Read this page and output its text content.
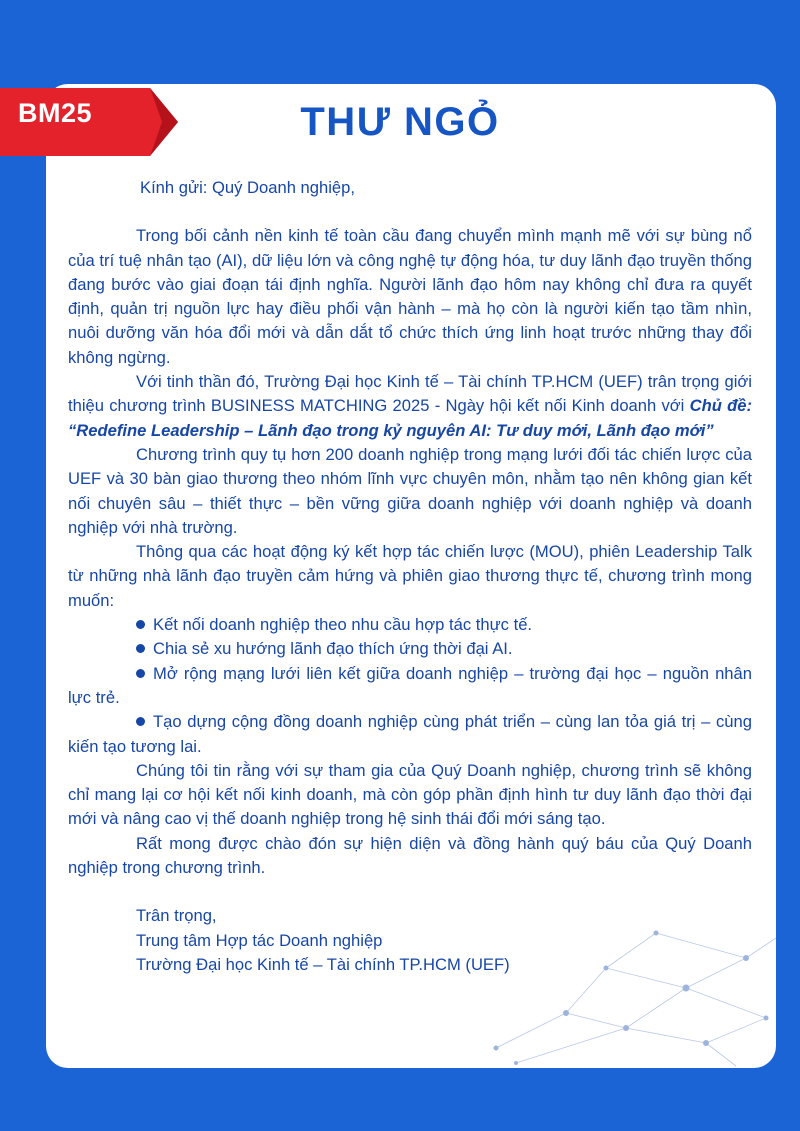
BM25	THƯ NGỎ

Kính gửi: Quý Doanh nghiệp,

Trong bối cảnh nền kinh tế toàn cầu đang chuyển mình mạnh mẽ với sự bùng nổ của trí tuệ nhân tạo (AI), dữ liệu lớn và công nghệ tự động hóa, tư duy lãnh đạo truyền thống đang bước vào giai đoạn tái định nghĩa. Người lãnh đạo hôm nay không chỉ đưa ra quyết định, quản trị nguồn lực hay điều phối vận hành – mà họ còn là người kiến tạo tầm nhìn, nuôi dưỡng văn hóa đổi mới và dẫn dắt tổ chức thích ứng linh hoạt trước những thay đổi không ngừng.

Với tinh thần đó, Trường Đại học Kinh tế – Tài chính TP.HCM (UEF) trân trọng giới thiệu chương trình BUSINESS MATCHING 2025 - Ngày hội kết nối Kinh doanh với Chủ đề: “Redefine Leadership – Lãnh đạo trong kỷ nguyên AI: Tư duy mới, Lãnh đạo mới”

Chương trình quy tụ hơn 200 doanh nghiệp trong mạng lưới đối tác chiến lược của UEF và 30 bàn giao thương theo nhóm lĩnh vực chuyên môn, nhằm tạo nên không gian kết nối chuyên sâu – thiết thực – bền vững giữa doanh nghiệp với doanh nghiệp và doanh nghiệp với nhà trường.

Thông qua các hoạt động ký kết hợp tác chiến lược (MOU), phiên Leadership Talk từ những nhà lãnh đạo truyền cảm hứng và phiên giao thương thực tế, chương trình mong muốn:

Kết nối doanh nghiệp theo nhu cầu hợp tác thực tế.

Chia sẻ xu hướng lãnh đạo thích ứng thời đại AI.

Mở rộng mạng lưới liên kết giữa doanh nghiệp – trường đại học – nguồn nhân lực trẻ.

Tạo dựng cộng đồng doanh nghiệp cùng phát triển – cùng lan tỏa giá trị – cùng kiến tạo tương lai.

Chúng tôi tin rằng với sự tham gia của Quý Doanh nghiệp, chương trình sẽ không chỉ mang lại cơ hội kết nối kinh doanh, mà còn góp phần định hình tư duy lãnh đạo thời đại mới và nâng cao vị thế doanh nghiệp trong hệ sinh thái đổi mới sáng tạo.

Rất mong được chào đón sự hiện diện và đồng hành quý báu của Quý Doanh nghiệp trong chương trình.

Trân trọng,

Trung tâm Hợp tác Doanh nghiệp

Trường Đại học Kinh tế – Tài chính TP.HCM (UEF)
